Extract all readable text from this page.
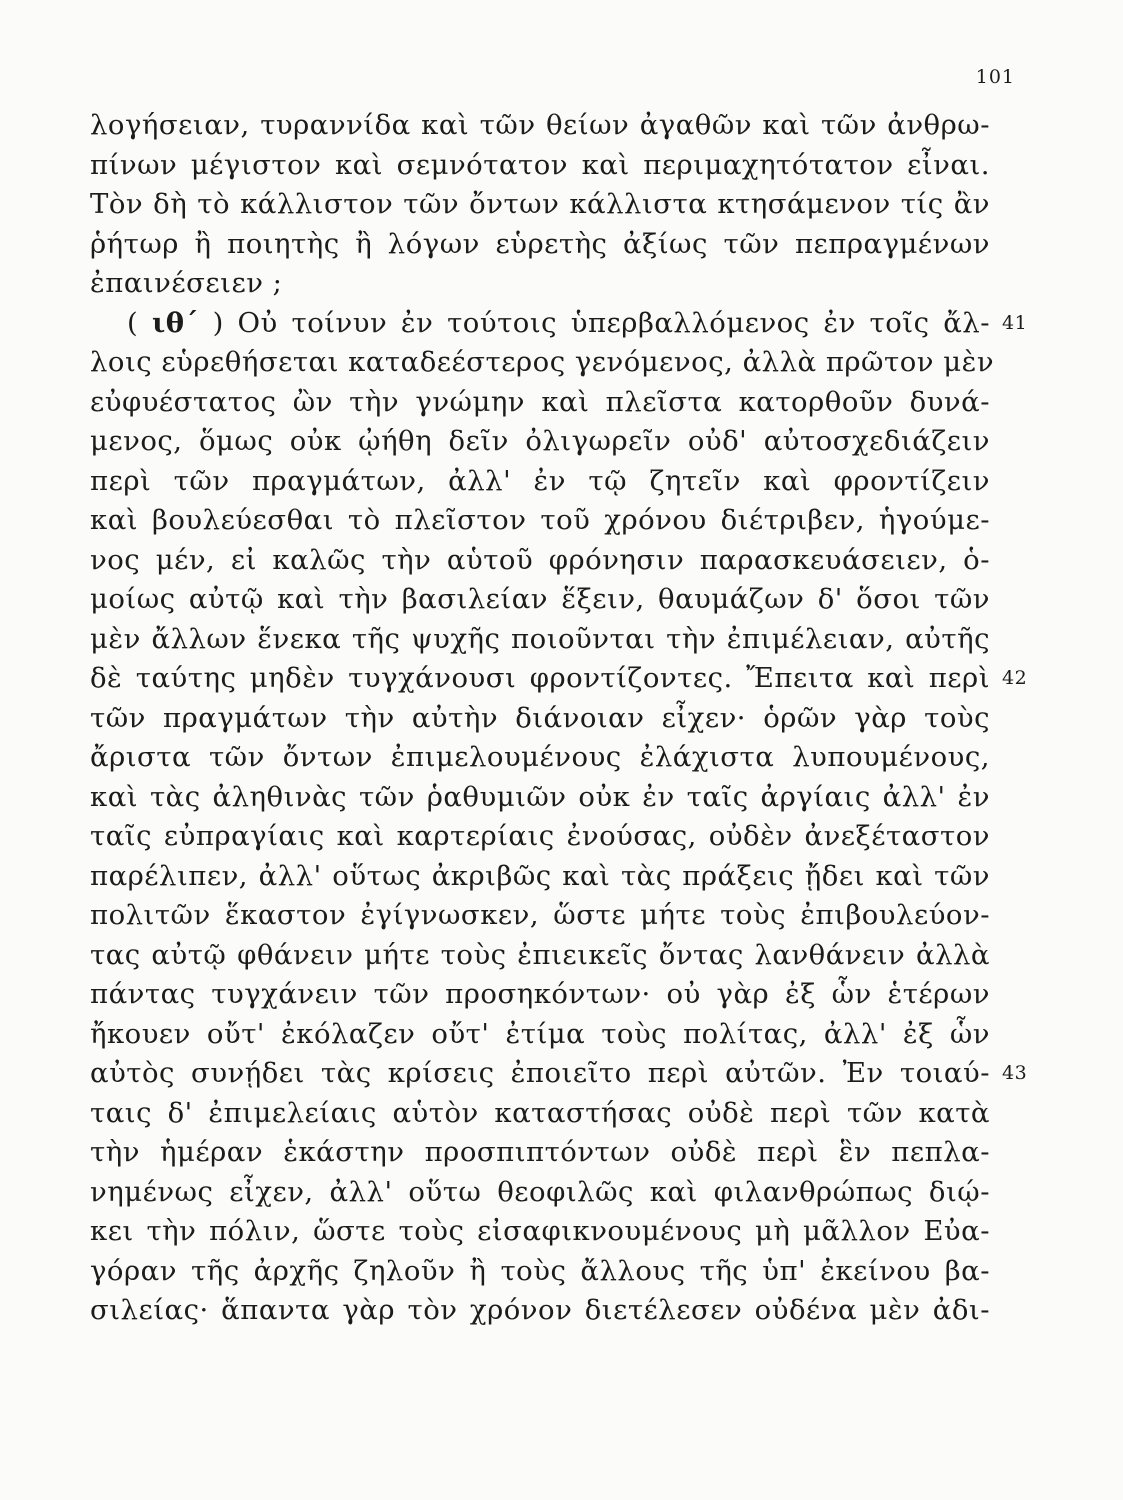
101
λογήσειαν, τυραννίδα καὶ τῶν θείων ἀγαθῶν καὶ τῶν ἀνθρω-
πίνων μέγιστον καὶ σεμνότατον καὶ περιμαχητότατον εἶναι.
Τὸν δὴ τὸ κάλλιστον τῶν ὄντων κάλλιστα κτησάμενον τίς ἂν
ῥήτωρ ἢ ποιητὴς ἢ λόγων εὑρετὴς ἀξίως τῶν πεπραγμένων
ἐπαινέσειεν ;
( ιθ΄ ) Οὐ τοίνυν ἐν τούτοις ὑπερβαλλόμενος ἐν τοῖς ἄλ- 41
λοις εὑρεθήσεται καταδεέστερος γενόμενος, ἀλλὰ πρῶτον μὲν
εὐφυέστατος ὢν τὴν γνώμην καὶ πλεῖστα κατορθοῦν δυνά-
μενος, ὅμως οὐκ ᾠήθη δεῖν ὀλιγωρεῖν οὐδ' αὐτοσχεδιάζειν
περὶ τῶν πραγμάτων, ἀλλ' ἐν τῷ ζητεῖν καὶ φροντίζειν
καὶ βουλεύεσθαι τὸ πλεῖστον τοῦ χρόνου διέτριβεν, ἡγούμε-
νος μέν, εἰ καλῶς τὴν αὑτοῦ φρόνησιν παρασκευάσειεν, ὁ-
μοίως αὐτῷ καὶ τὴν βασιλείαν ἕξειν, θαυμάζων δ' ὅσοι τῶν
μὲν ἄλλων ἕνεκα τῆς ψυχῆς ποιοῦνται τὴν ἐπιμέλειαν, αὐτῆς
δὲ ταύτης μηδὲν τυγχάνουσι φροντίζοντες. Ἔπειτα καὶ περὶ 42
τῶν πραγμάτων τὴν αὐτὴν διάνοιαν εἶχεν· ὁρῶν γὰρ τοὺς
ἄριστα τῶν ὄντων ἐπιμελουμένους ἐλάχιστα λυπουμένους,
καὶ τὰς ἀληθινὰς τῶν ῥαθυμιῶν οὐκ ἐν ταῖς ἀργίαις ἀλλ' ἐν
ταῖς εὐπραγίαις καὶ καρτερίαις ἐνούσας, οὐδὲν ἀνεξέταστον
παρέλιπεν, ἀλλ' οὕτως ἀκριβῶς καὶ τὰς πράξεις ᾔδει καὶ τῶν
πολιτῶν ἕκαστον ἐγίγνωσκεν, ὥστε μήτε τοὺς ἐπιβουλεύον-
τας αὐτῷ φθάνειν μήτε τοὺς ἐπιεικεῖς ὄντας λανθάνειν ἀλλὰ
πάντας τυγχάνειν τῶν προσηκόντων· οὐ γὰρ ἐξ ὧν ἑτέρων
ἤκουεν οὔτ' ἐκόλαζεν οὔτ' ἐτίμα τοὺς πολίτας, ἀλλ' ἐξ ὧν
αὐτὸς συνῄδει τὰς κρίσεις ἐποιεῖτο περὶ αὐτῶν. Ἐν τοιαύ- 43
ταις δ' ἐπιμελείαις αὑτὸν καταστήσας οὐδὲ περὶ τῶν κατὰ
τὴν ἡμέραν ἑκάστην προσπιπτόντων οὐδὲ περὶ ἓν πεπλα-
νημένως εἶχεν, ἀλλ' οὕτω θεοφιλῶς καὶ φιλανθρώπως διῴ-
κει τὴν πόλιν, ὥστε τοὺς εἰσαφικνουμένους μὴ μᾶλλον Εὐα-
γόραν τῆς ἀρχῆς ζηλοῦν ἢ τοὺς ἄλλους τῆς ὑπ' ἐκείνου βα-
σιλείας· ἅπαντα γὰρ τὸν χρόνον διετέλεσεν οὐδένα μὲν ἀδι-
